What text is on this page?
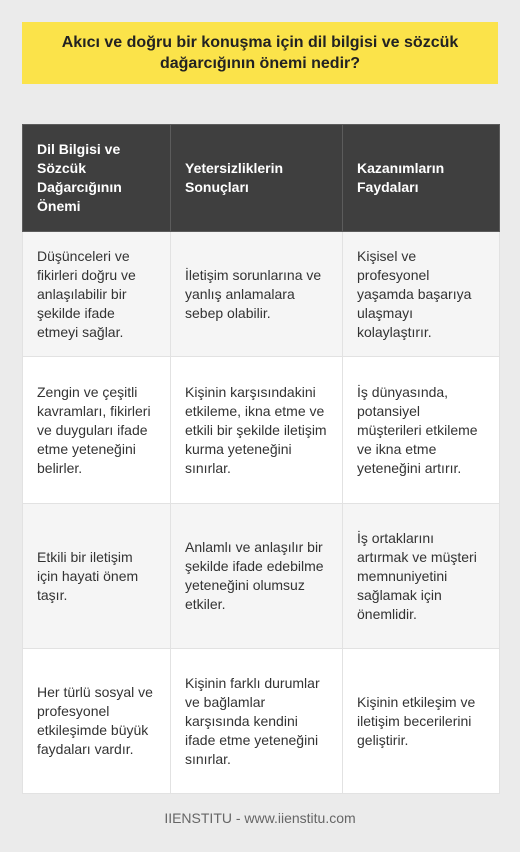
Akıcı ve doğru bir konuşma için dil bilgisi ve sözcük dağarcığının önemi nedir?
Dil Bilgisi ve Sözcük Dağarcığının Önemi	Yetersizliklerin Sonuçları	Kazanımların Faydaları
Düşünceleri ve fikirleri doğru ve anlaşılabilir bir şekilde ifade etmeyi sağlar.	İletişim sorunlarına ve yanlış anlamalara sebep olabilir.	Kişisel ve profesyonel yaşamda başarıya ulaşmayı kolaylaştırır.
Zengin ve çeşitli kavramları, fikirleri ve duyguları ifade etme yeteneğini belirler.	Kişinin karşısındakini etkileme, ikna etme ve etkili bir şekilde iletişim kurma yeteneğini sınırlar.	İş dünyasında, potansiyel müşterileri etkileme ve ikna etme yeteneğini artırır.
Etkili bir iletişim için hayati önem taşır.	Anlamlı ve anlaşılır bir şekilde ifade edebilme yeteneğini olumsuz etkiler.	İş ortaklarını artırmak ve müşteri memnuniyetini sağlamak için önemlidir.
Her türlü sosyal ve profesyonel etkileşimde büyük faydaları vardır.	Kişinin farklı durumlar ve bağlamlar karşısında kendini ifade etme yeteneğini sınırlar.	Kişinin etkileşim ve iletişim becerilerini geliştirir.
IIENSTITU - www.iienstitu.com
